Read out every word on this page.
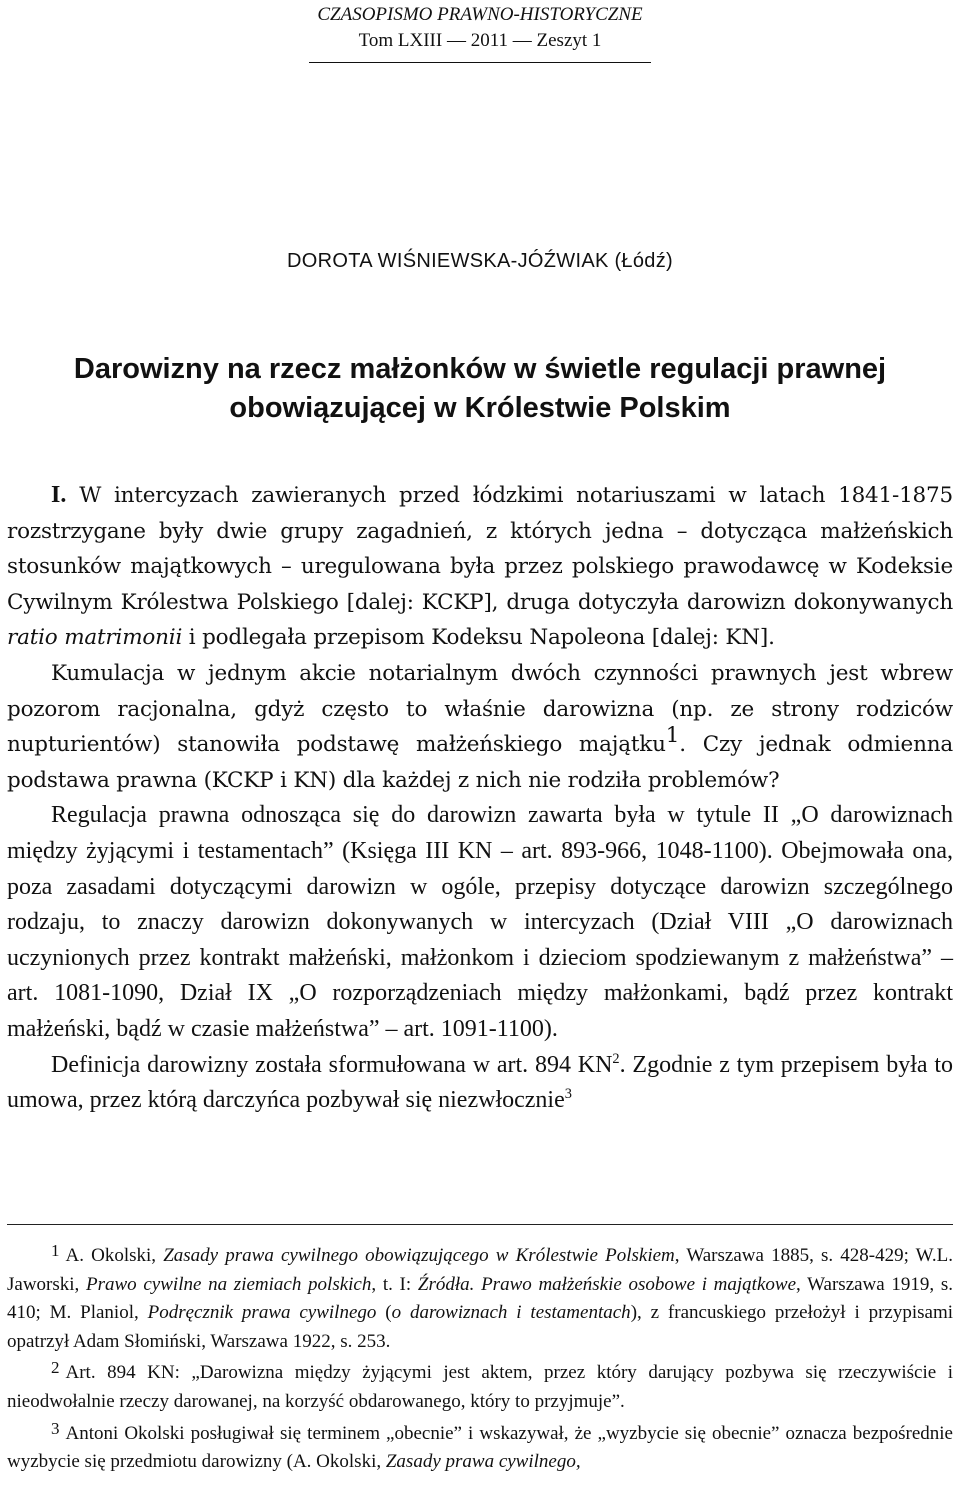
CZASOPISMO PRAWNO-HISTORYCZNE
Tom LXIII — 2011 — Zeszyt 1
DOROTA WIŚNIEWSKA-JÓŹWIAK (Łódź)
Darowizny na rzecz małżonków w świetle regulacji prawnej
obowiązującej w Królestwie Polskim

I. W intercyzach zawieranych przed łódzkimi notariuszami w latach 1841-1875 rozstrzygane były dwie grupy zagadnień, z których jedna – dotycząca małżeńskich stosunków majątkowych – uregulowana była przez polskiego prawodawcę w Kodeksie Cywilnym Królestwa Polskiego [dalej: KCKP], druga dotyczyła darowizn dokonywanych ratio matrimonii i podlegała przepisom Kodeksu Napoleona [dalej: KN].

Kumulacja w jednym akcie notarialnym dwóch czynności prawnych jest wbrew pozorom racjonalna, gdyż często to właśnie darowizna (np. ze strony rodziców nupturientów) stanowiła podstawę małżeńskiego majątku$^1$. Czy jednak odmienna podstawa prawna (KCKP i KN) dla każdej z nich nie rodziła problemów?

Regulacja prawna odnosząca się do darowizn zawarta była w tytule II „O darowiznach między żyjącymi i testamentach” (Księga III KN – art. 893-966, 1048-1100). Obejmowała ona, poza zasadami dotyczącymi darowizn w ogóle, przepisy dotyczące darowizn szczególnego rodzaju, to znaczy darowizn dokonywanych w intercyzach (Dział VIII „O darowiznach uczynionych przez kontrakt małżeński, małżonkom i dzieciom spodziewanym z małżeństwa” – art. 1081-1090, Dział IX „O rozporządzeniach między małżonkami, bądź przez kontrakt małżeński, bądź w czasie małżeństwa” – art. 1091-1100).

Definicja darowizny została sformułowana w art. 894 $KN^2$. Zgodnie z tym przepisem była to umowa, przez którą darczyńca pozbywał się niezwłocznie$^3$

1 A. Okolski, Zasady prawa cywilnego obowiązującego w Królestwie Polskiem, Warszawa 1885, s. 428-429; W.L. Jaworski, Prawo cywilne na ziemiach polskich, t. I: Źródła. Prawo małżeńskie osobowe i majątkowe, Warszawa 1919, s. 410; M. Planiol, Podręcznik prawa cywilnego (o darowiznach i testamentach), z francuskiego przełożył i przypisami opatrzył Adam Słomiński, Warszawa 1922, s. 253.

2 Art. 894 KN: „Darowizna między żyjącymi jest aktem, przez który darujący pozbywa się rzeczywiście i nieodwołalnie rzeczy darowanej, na korzyść obdarowanego, który to przyjmuje”.

3 Antoni Okolski posługiwał się terminem „obecnie” i wskazywał, że „wyzbycie się obecnie” oznacza bezpośrednie wyzbycie się przedmiotu darowizny (A. Okolski, Zasady prawa cywilnego,
